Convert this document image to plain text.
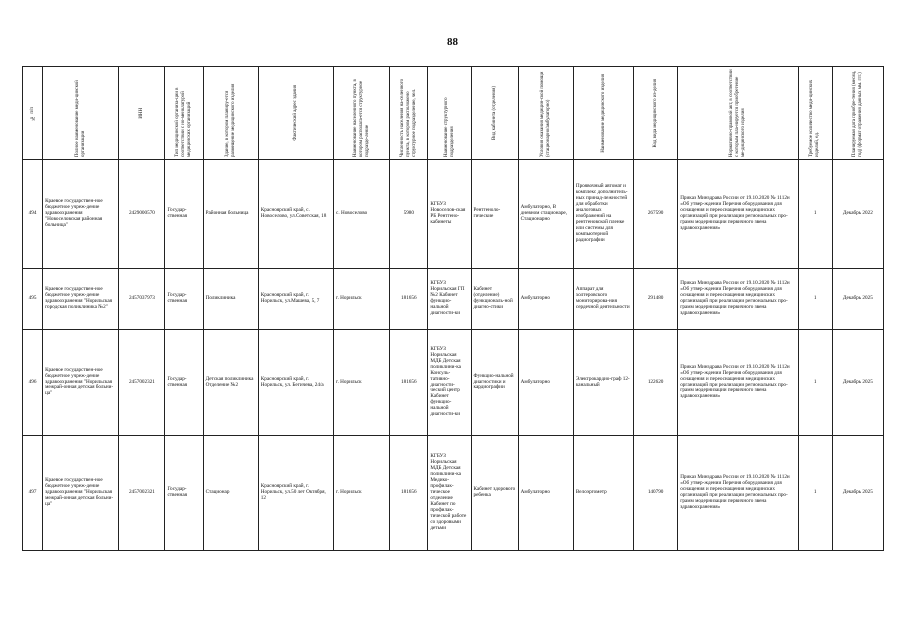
88
№ п/п	Полное наименование меди-цинской организации	ИНН	Тип медицинской организа-ции в соответствии с но-менклатурой медицинских организаций	Здание, в котором планиру-ется размещение медицинского изделия	Фактический адрес здания	Наименование населенного пункта, в котором располага-ется структурное подразде-ление	Численность населения на-селенного пункта, в котором расположено структурное подразделение, чел.	Наименование структурного подразделения	Вид кабинета (отделения)	Условия оказания медицин-ской помощи (стационарно/амбулаторно)	Наименование медицинского изделия	Код вида медицинского из-делия	Нормативно-правовой акт, в соответствии с которым пла-нируется приобретение ме-дицинского изделия	Требуемое количество меди-цинских изделий, ед.	Планируемая дата приобре-тения (месяц, год) (формат отражения данных мм. ггг.)

494	Краевое государствен-ное бюджетное учреж-дение здравоохранения "Новоселовская районная больница"	2429000570	Государ-ственная	Районная больница	Красноярский край, с. Новоселово, ул.Советская, 18	с. Новоселово	5980	КГБУЗ Новоселов-ская РБ Рентгено-кабинеты	Рентгеноло-гические	Амбулаторно, В дневном стационаре, Стационарно	Проявочный автомат и комплекс дополнитель-ных принад-лежностей для обработки аналоговых изображений на рентгеновской пленке или системы для компьютерной радиографии	267590	Приказ Минздрава России от 19.10.2020 № 1112н «Об утвер-ждении Перечня оборудования для оснащения и переоснащения медицинских организаций при реализации региональных про-грамм модернизации первичного звена здравоохранения»	1	Декабрь 2022
495	Краевое государствен-ное бюджетное учреж-дение здравоохранения "Норильская городская поликлиника №2"	2457037973	Государ-ственная	Поликлиника	Красноярский край, г. Норильск, ул.Машева, 5, 7	г. Норильск	181656	КГБУЗ Норильская ГП №2 Кабинет функцио-нальной диагности-ки	Кабинет (отделение) функциональ-ной диагно-стики	Амбулаторно	Аппарат для холтеровского мониторирова-ния сердечной деятельности	291480	Приказ Минздрава России от 19.10.2020 № 1112н «Об утвер-ждении Перечня оборудования для оснащения и переоснащения медицинских организаций при реализации региональных про-грамм модернизации первичного звена здравоохранения»	1	Декабрь 2025
496	Краевое государствен-ное бюджетное учреж-дение здравоохранения "Норильская межрай-онная детская больни-ца"	2457002321	Государ-ственная	Детская поликлиника Отделение №2	Красноярский край, г. Норильск, ул. Бегичева, 24/а	г. Норильск	181656	КГБУЗ Норильская МДБ Детская поликлини-ка Консуль-тативно-диагности-ческий центр Кабинет функцио-нальной диагности-ки	Функцио-нальной диагностики и кардиографии	Амбулаторно	Электрокардио-граф 12-канальный	122620	Приказ Минздрава России от 19.10.2020 № 1112н «Об утвер-ждении Перечня оборудования для оснащения и переоснащения медицинских организаций при реализации региональных про-грамм модернизации первичного звена здравоохранения»	1	Декабрь 2025
497	Краевое государствен-ное бюджетное учреж-дение здравоохранения "Норильская межрай-онная детская больни-ца"	2457002321	Государ-ственная	Стационар	Красноярский край, г. Норильск, ул.50 лет Октября, 12	г. Норильск	181656	КГБУЗ Норильская МДБ Детская поликлини-ка Медико-профилак-тическое отделение Кабинет по профилак-тической работе со здоровыми детьми	Кабинет здорового ребенка	Амбулаторно	Велоэргометр	140790	Приказ Минздрава России от 19.10.2020 № 1112н «Об утвер-ждении Перечня оборудования для оснащения и переоснащения медицинских организаций при реализации региональных про-грамм модернизации первичного звена здравоохранения»	1	Декабрь 2025
